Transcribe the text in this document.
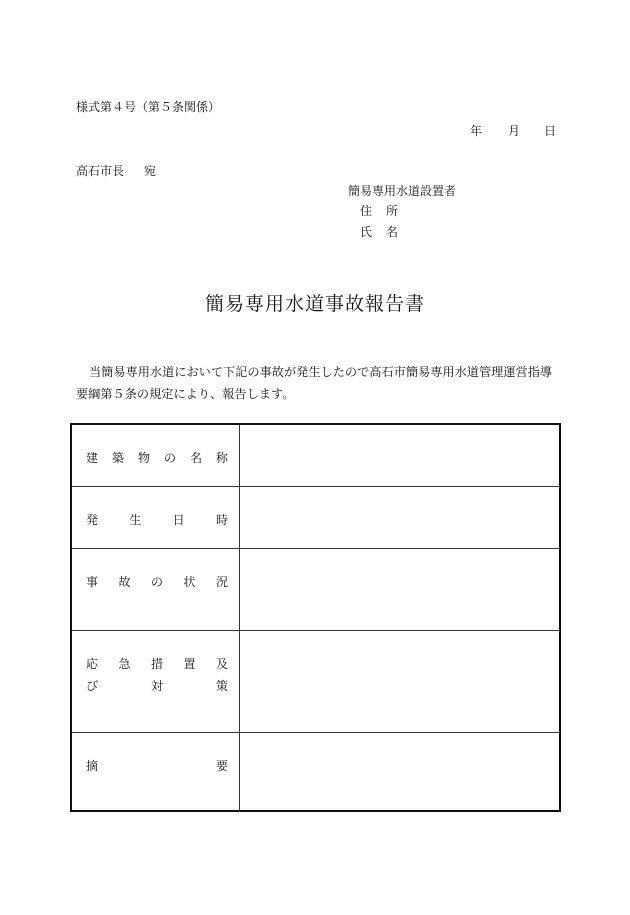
様式第４号（第５条関係）
年 月 日
高石市長 宛
簡易専用水道設置者
住 所
氏 名
簡易専用水道事故報告書
当簡易専用水道において下記の事故が発生したので高石市簡易専用水道管理運営指導要綱第５条の規定により、報告します。
建 築 物 の 名 称
発	生	日	時
事 故 の 状 況
応 急 措 置 及
び	対	策
摘	要
